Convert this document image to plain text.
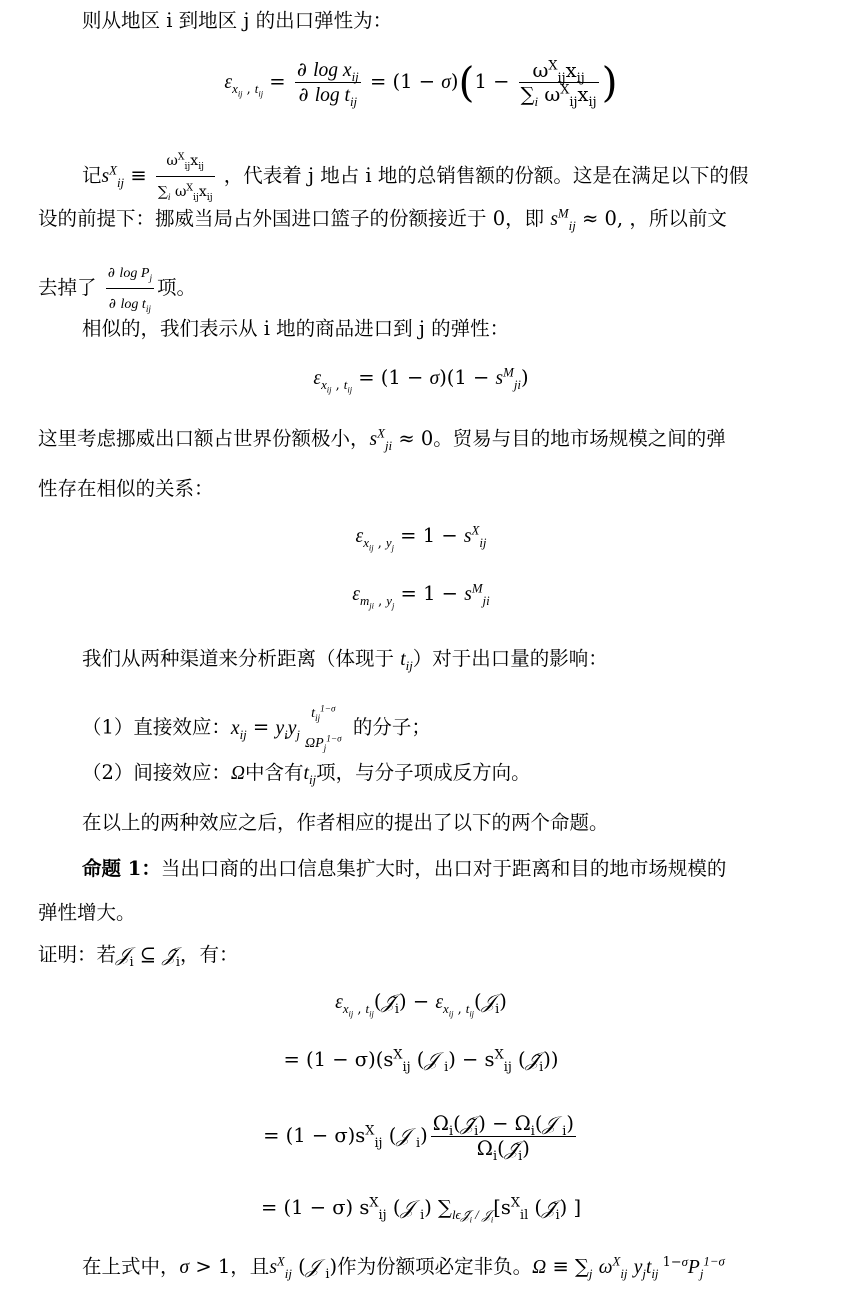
则从地区 i 到地区 j 的出口弹性为：
$\varepsilon_{x_{ij} , t_{ij}} = \frac{\partial \log x_{ij}}{\partial \log t_{ij}} = (1 - \sigma)(1 - \frac{\omega^X_{ij}x_{ij}}{\sum_i \omega^X_{ij}x_{ij}}$ )
记$s^X_{ij} \equiv \frac{\omega^X_{ij}x_{ij}}{\sum_i \omega^X_{ij}x_{ij}}$ ，代表着 j 地占 i 地的总销售额的份额。这是在满足以下的假
设的前提下：挪威当局占外国进口篮子的份额接近于 0，即 $s^M_{ij} \approx 0$, ，所以前文
去掉了 $\frac{\partial \log P_j}{\partial \log t_{ij}}$ 项。
相似的，我们表示从 i 地的商品进口到 j 的弹性：
$\varepsilon_{x_{ij} , t_{ij}} = (1 - \sigma)(1 - s^M_{ji})$
这里考虑挪威出口额占世界份额极小，$s^X_{ji} \approx 0$。贸易与目的地市场规模之间的弹
性存在相似的关系：
$\varepsilon_{x_{ij} , y_j} = 1 - s^X_{ij}$
$\varepsilon_{m_{ji} , y_j} = 1 - s^M_{ji}$
我们从两种渠道来分析距离（体现于 $t_{ij}$）对于出口量的影响：
（1）直接效应：$x_{ij} = y_iy_j$
$t_{ij}^{1-\sigma}$
$\Omega P_j^{1-\sigma}$
的分子；
（2）间接效应：Ω中含有$t_{ij}$项，与分子项成反方向。
在以上的两种效应之后，作者相应的提出了以下的两个命题。
命题 1：当出口商的出口信息集扩大时，出口对于距离和目的地市场规模的
弹性增大。
证明：若𝒥$_i$ ⊆ $𝒥̃_i$，有：
$\varepsilon_{x_{ij} , t_{ij}}(𝒥̃_i)$ − $\varepsilon_{x_{ij} , t_{ij}}(𝒥_i)$
= $(1 - \sigma)(s^X_{ij}$ (𝒥 $_i) - s^X_{ij}$ $(𝒥̃_i)$)
= $(1 - \sigma)s^X_{ij}$ (𝒥 $_i) \frac{\Omega_i(𝒥̃_i) - \Omega_i(𝒥 _i)}{\Omega_i(𝒥̃_i)}$
= (1 − σ) $s^X_{ij}$ (𝒥 $_i$) $\sum_{l\epsilon 𝒥̃_i / 𝒥_i}[s^X_{il}$ $(𝒥̃_i)$ ]
在上式中，σ > 1，且$s^X_{ij}$ (𝒥 $_i$)作为份额项必定非负。$\Omega \equiv \sum_j$ $\omega^X_{ij}$ $y_jt_{ij}$ $^{1-\sigma}P_j^{1-\sigma}$
